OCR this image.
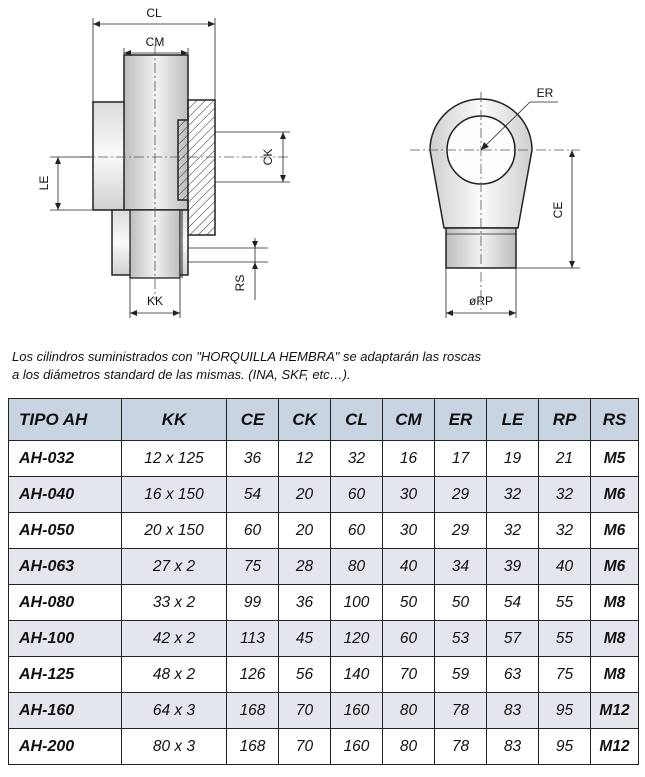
CL
CM
CK
LE
RS
KK
ER
CE
øRP
Los cilindros suministrados con "HORQUILLA HEMBRA" se adaptarán las roscas
a los diámetros standard de las mismas. (INA, SKF, etc…).
TIPO AH	KK	CE	CK	CL	CM	ER	LE	RP	RS
AH-032	12 x 125	36	12	32	16	17	19	21	M5
AH-040	16 x 150	54	20	60	30	29	32	32	M6
AH-050	20 x 150	60	20	60	30	29	32	32	M6
AH-063	27 x 2	75	28	80	40	34	39	40	M6
AH-080	33 x 2	99	36	100	50	50	54	55	M8
AH-100	42 x 2	113	45	120	60	53	57	55	M8
AH-125	48 x 2	126	56	140	70	59	63	75	M8
AH-160	64 x 3	168	70	160	80	78	83	95	M12
AH-200	80 x 3	168	70	160	80	78	83	95	M12
